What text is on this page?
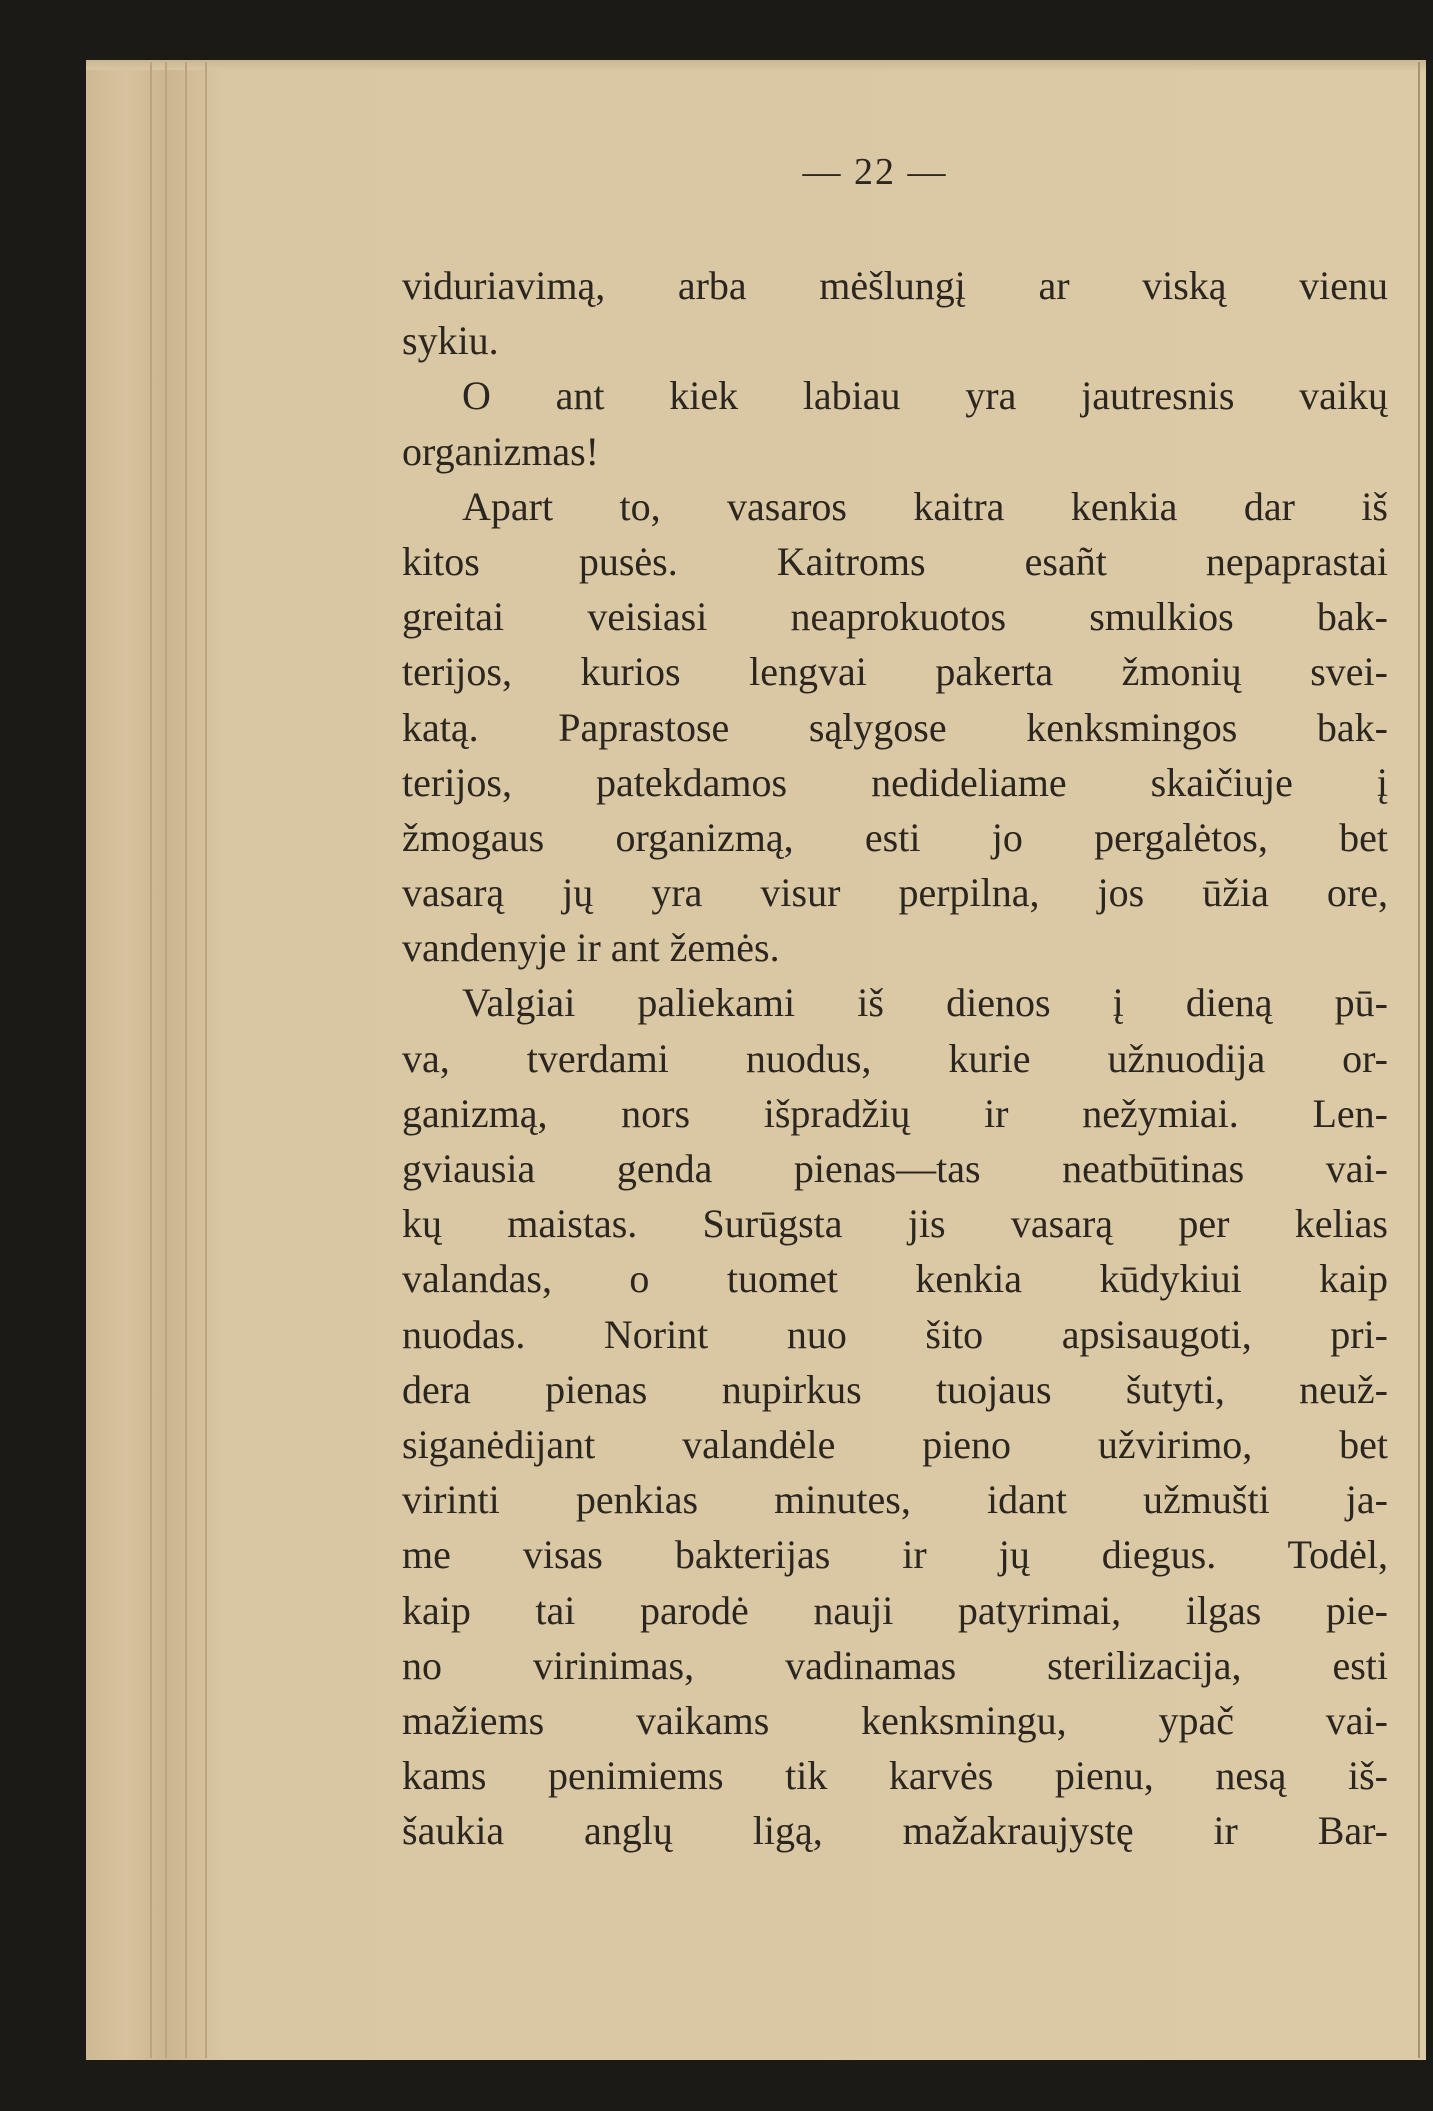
— 22 —
viduriavimą, arba mėšlungį ar viską vienu
sykiu.
O ant kiek labiau yra jautresnis vaikų
organizmas!
Apart to, vasaros kaitra kenkia dar iš
kitos pusės. Kaitroms esañt nepaprastai
greitai veisiasi neaprokuotos smulkios bak-
terijos, kurios lengvai pakerta žmonių svei-
katą. Paprastose sąlygose kenksmingos bak-
terijos, patekdamos nedideliame skaičiuje į
žmogaus organizmą, esti jo pergalėtos, bet
vasarą jų yra visur perpilna, jos ūžia ore,
vandenyje ir ant žemės.
Valgiai paliekami iš dienos į dieną pū-
va, tverdami nuodus, kurie užnuodija or-
ganizmą, nors išpradžių ir nežymiai. Len-
gviausia genda pienas––tas neatbūtinas vai-
kų maistas. Surūgsta jis vasarą per kelias
valandas, o tuomet kenkia kūdykiui kaip
nuodas. Norint nuo šito apsisaugoti, pri-
dera pienas nupirkus tuojaus šutyti, neuž-
siganėdijant valandėle pieno užvirimo, bet
virinti penkias minutes, idant užmušti ja-
me visas bakterijas ir jų diegus. Todėl,
kaip tai parodė nauji patyrimai, ilgas pie-
no virinimas, vadinamas sterilizacija, esti
mažiems vaikams kenksmingu, ypač vai-
kams penimiems tik karvės pienu, nesą iš-
šaukia anglų ligą, mažakraujystę ir Bar-
